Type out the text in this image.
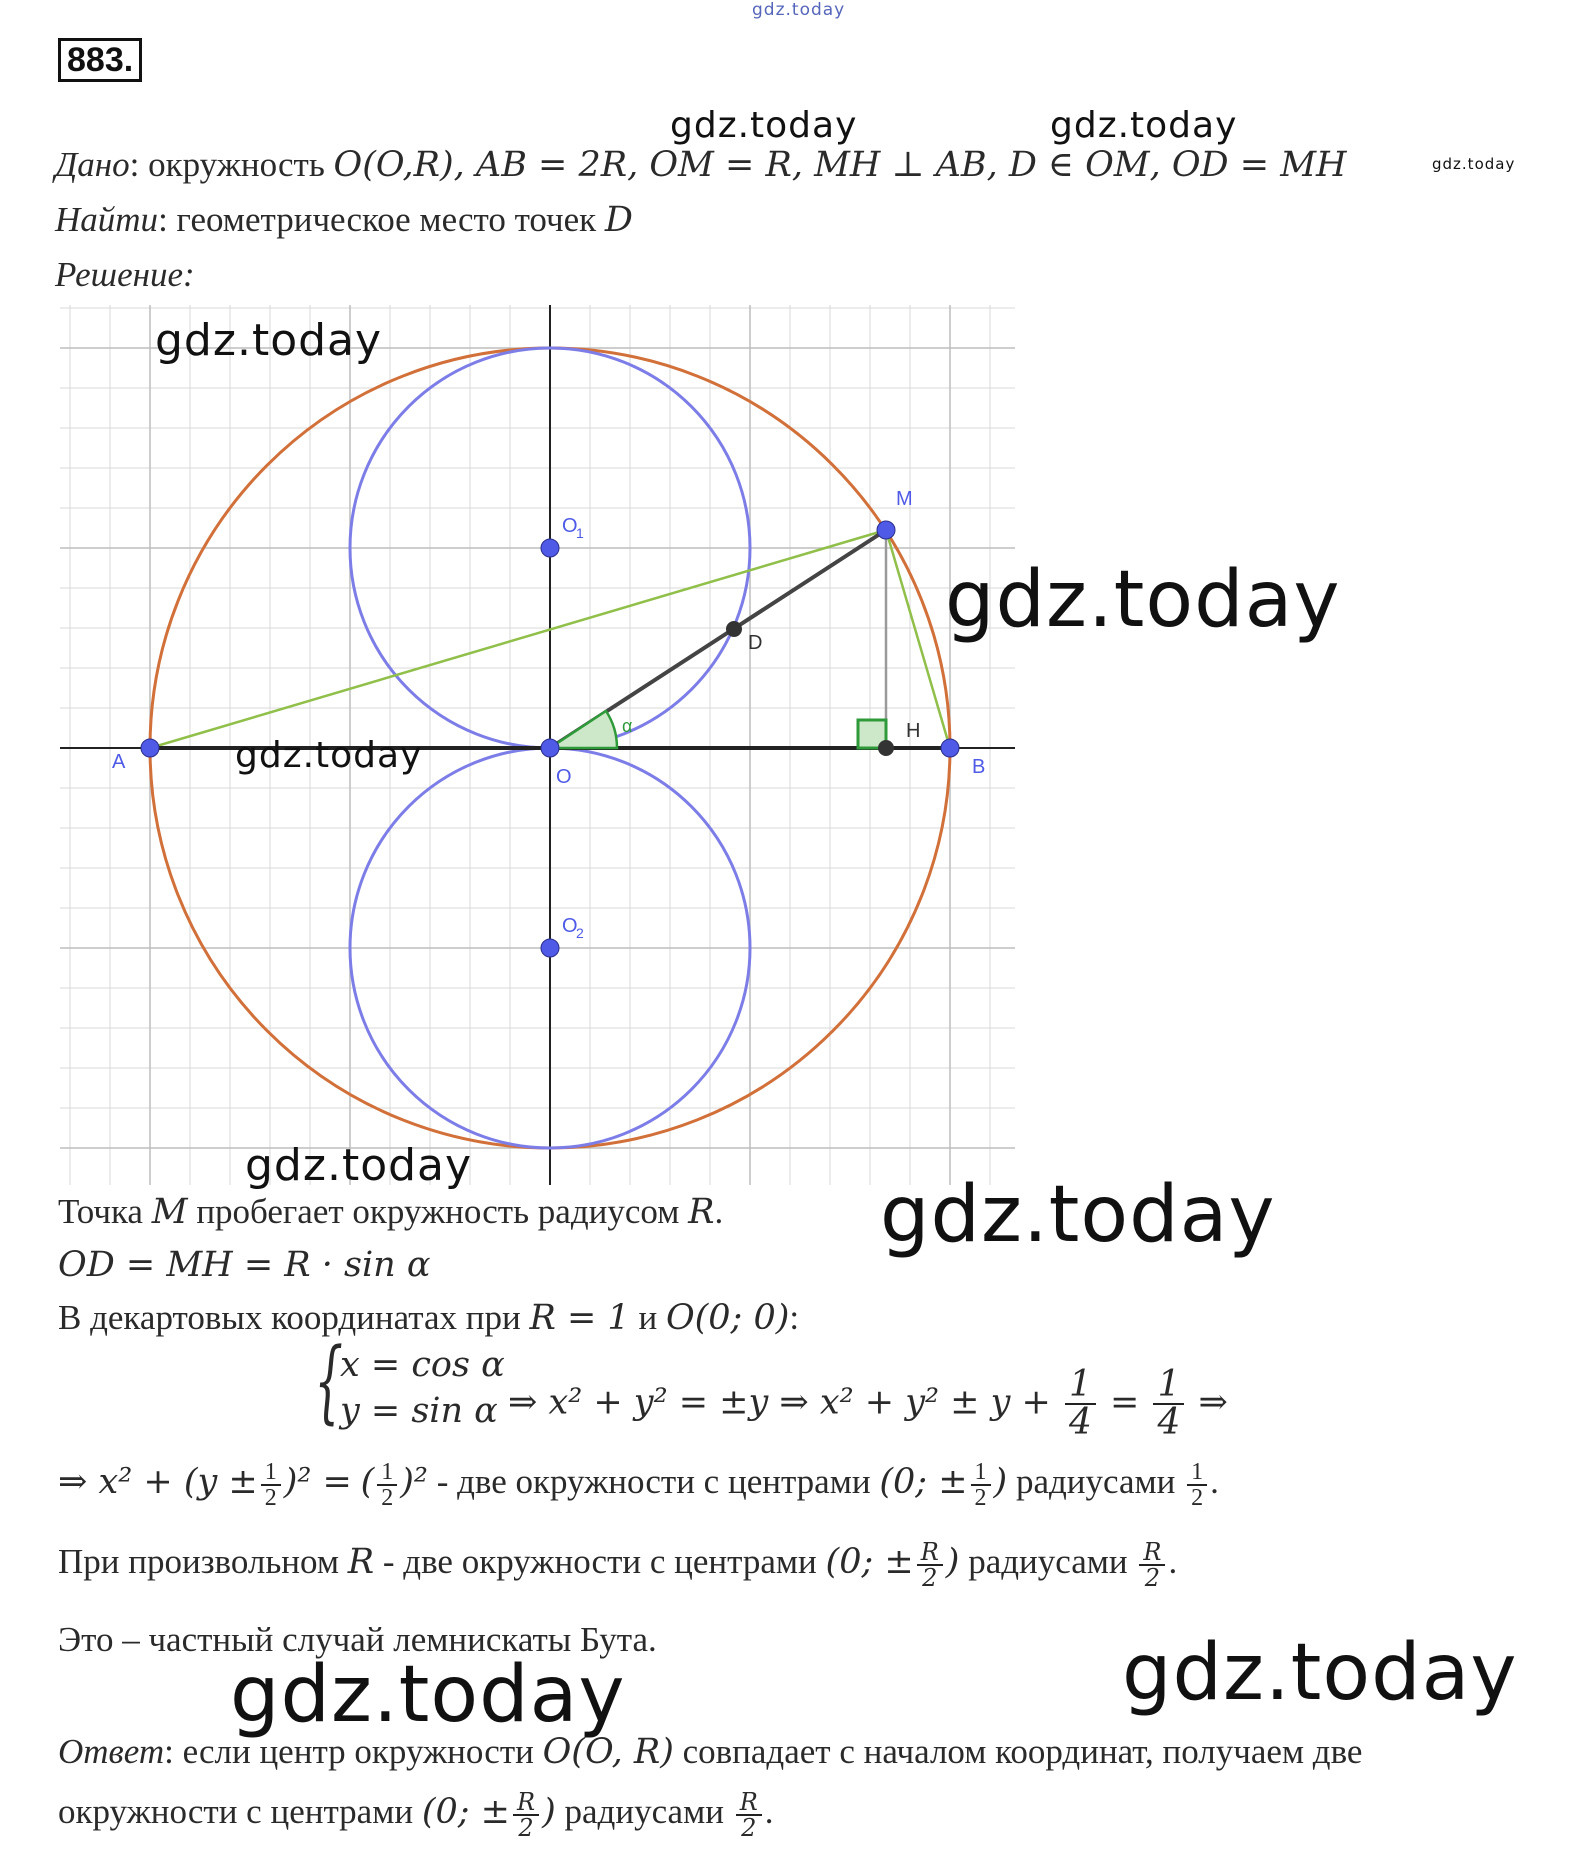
883.
gdz.today
Дано: окружность O(O,R), AB = 2R, OM = R, MH ⊥ AB, D ∈ OM, OD = MH
Найти: геометрическое место точек D
Решение:
A	B
O
M
D
H
α
O
1
O
2
gdz.today	gdz.today
gdz.today
gdz.today
gdz.today
gdz.today
gdz.today
gdz.today
gdz.today	gdz.today
Точка M пробегает окружность радиусом R.
OD = MH = R · sin α
В декартовых координатах при R = 1 и O(0; 0):
{
x = cos α
y = sin α ⇒ x² + y² = ±y ⇒ $x^2 + y^2 \pm y + \frac{1}{4} = \frac{1}{4}$ ⇒
⇒ $x^2 + (y \pm \frac{1}{2} )^2$ = ( $\frac{1}{2} )^2$ - две окружности с центрами (0; ± $\frac{1}{2}$ ) радиусами $\frac{1}{2}$ .
При произвольном R - две окружности с центрами (0; ± $\frac{R}{2}$ ) радиусами $\frac{R}{2}$ .
Это – частный случай лемнискаты Бута.
Ответ: если центр окружности O(O, R) совпадает с началом координат, получаем две
окружности с центрами (0; ± $\frac{R}{2}$ ) радиусами $\frac{R}{2}$ .
